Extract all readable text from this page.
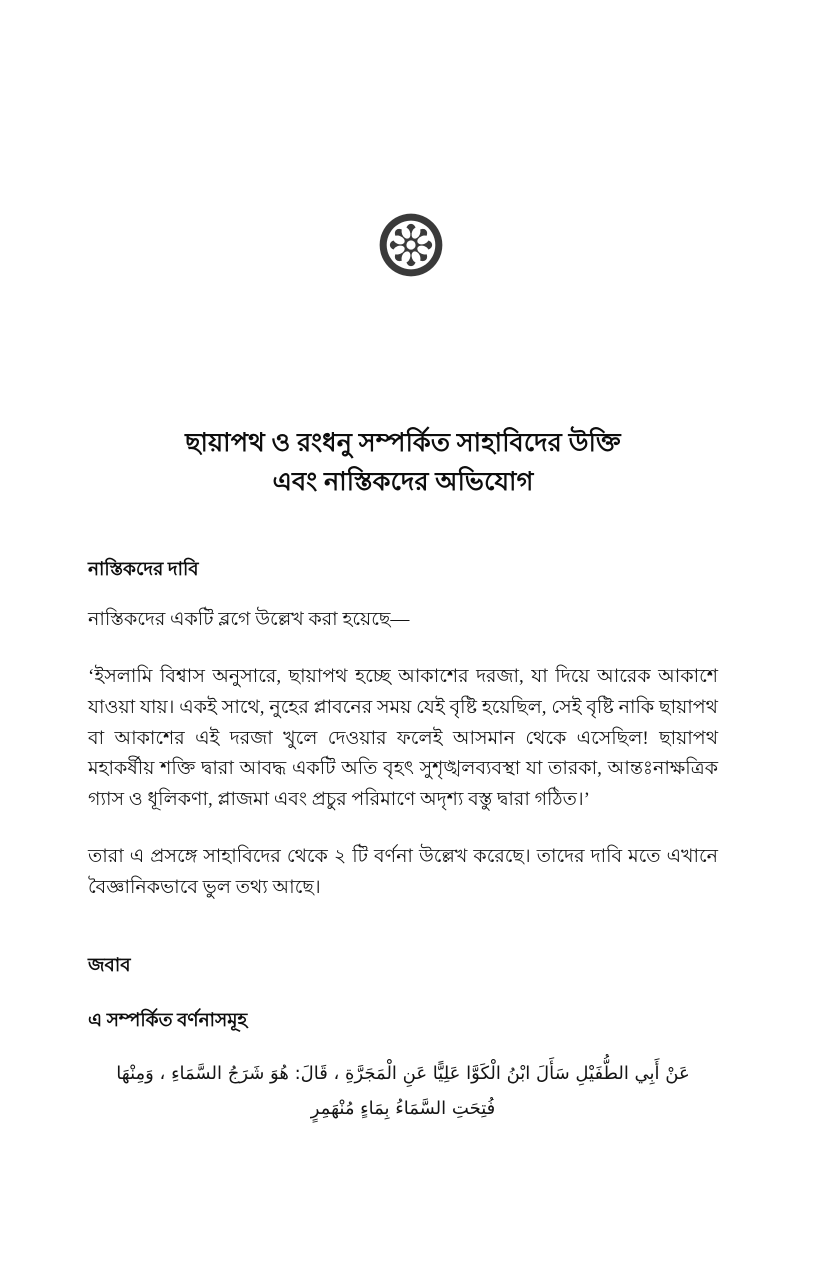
ছায়াপথ ও রংধনু সম্পর্কিত সাহাবিদের উক্তি
এবং নাস্তিকদের অভিযোগ
নাস্তিকদের দাবি

নাস্তিকদের একটি ব্লগে উল্লেখ করা হয়েছে—

‘ইসলামি বিশ্বাস অনুসারে, ছায়াপথ হচ্ছে আকাশের দরজা, যা দিয়ে আরেক আকাশে যাওয়া যায়। একই সাথে, নুহের প্লাবনের সময় যেই বৃষ্টি হয়েছিল, সেই বৃষ্টি নাকি ছায়াপথ বা আকাশের এই দরজা খুলে দেওয়ার ফলেই আসমান থেকে এসেছিল! ছায়াপথ মহাকর্ষীয় শক্তি দ্বারা আবদ্ধ একটি অতি বৃহৎ সুশৃঙ্খলব্যবস্থা যা তারকা, আন্তঃনাক্ষত্রিক গ্যাস ও ধূলিকণা, প্লাজমা এবং প্রচুর পরিমাণে অদৃশ্য বস্তু দ্বারা গঠিত।’

তারা এ প্রসঙ্গে সাহাবিদের থেকে ২ টি বর্ণনা উল্লেখ করেছে। তাদের দাবি মতে এখানে বৈজ্ঞানিকভাবে ভুল তথ্য আছে।

জবাব
এ সম্পর্কিত বর্ণনাসমূহ
عَنْ أَبِي الطُّفَيْلِ سَأَلَ ابْنُ الْكَوَّا عَلِيًّا عَنِ الْمَجَرَّةِ ، قَالَ: هُوَ شَرَجُ السَّمَاءِ ، وَمِنْهَا فُتِحَتِ السَّمَاءُ بِمَاءٍ مُنْهَمِرٍ
